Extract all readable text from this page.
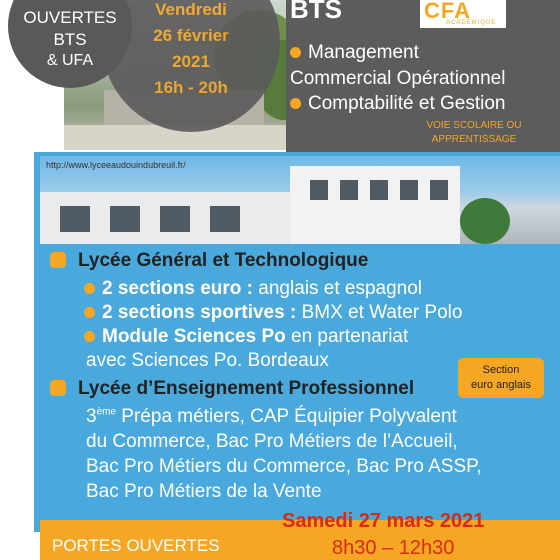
Vendredi
26 février
2021
16h - 20h
OUVERTES
BTS
& UFA
BTS	CFA
ACADÉMIQUE
Management
Commercial Opérationnel
Comptabilité et Gestion
VOIE SCOLAIRE OU
APPRENTISSAGE
http://www.lyceeaudouindubreuil.fr/
Lycée Général et Technologique
2 sections euro : anglais et espagnol
2 sections sportives : BMX et Water Polo
Module Sciences Po en partenariat
avec Sciences Po. Bordeaux
Lycée d’Enseignement Professionnel
Section
euro anglais
3ème Prépa métiers, CAP Équipier Polyvalent
du Commerce, Bac Pro Métiers de l’Accueil,
Bac Pro Métiers du Commerce, Bac Pro ASSP,
Bac Pro Métiers de la Vente
PORTES OUVERTES
Samedi 27 mars 2021
8h30 – 12h30
